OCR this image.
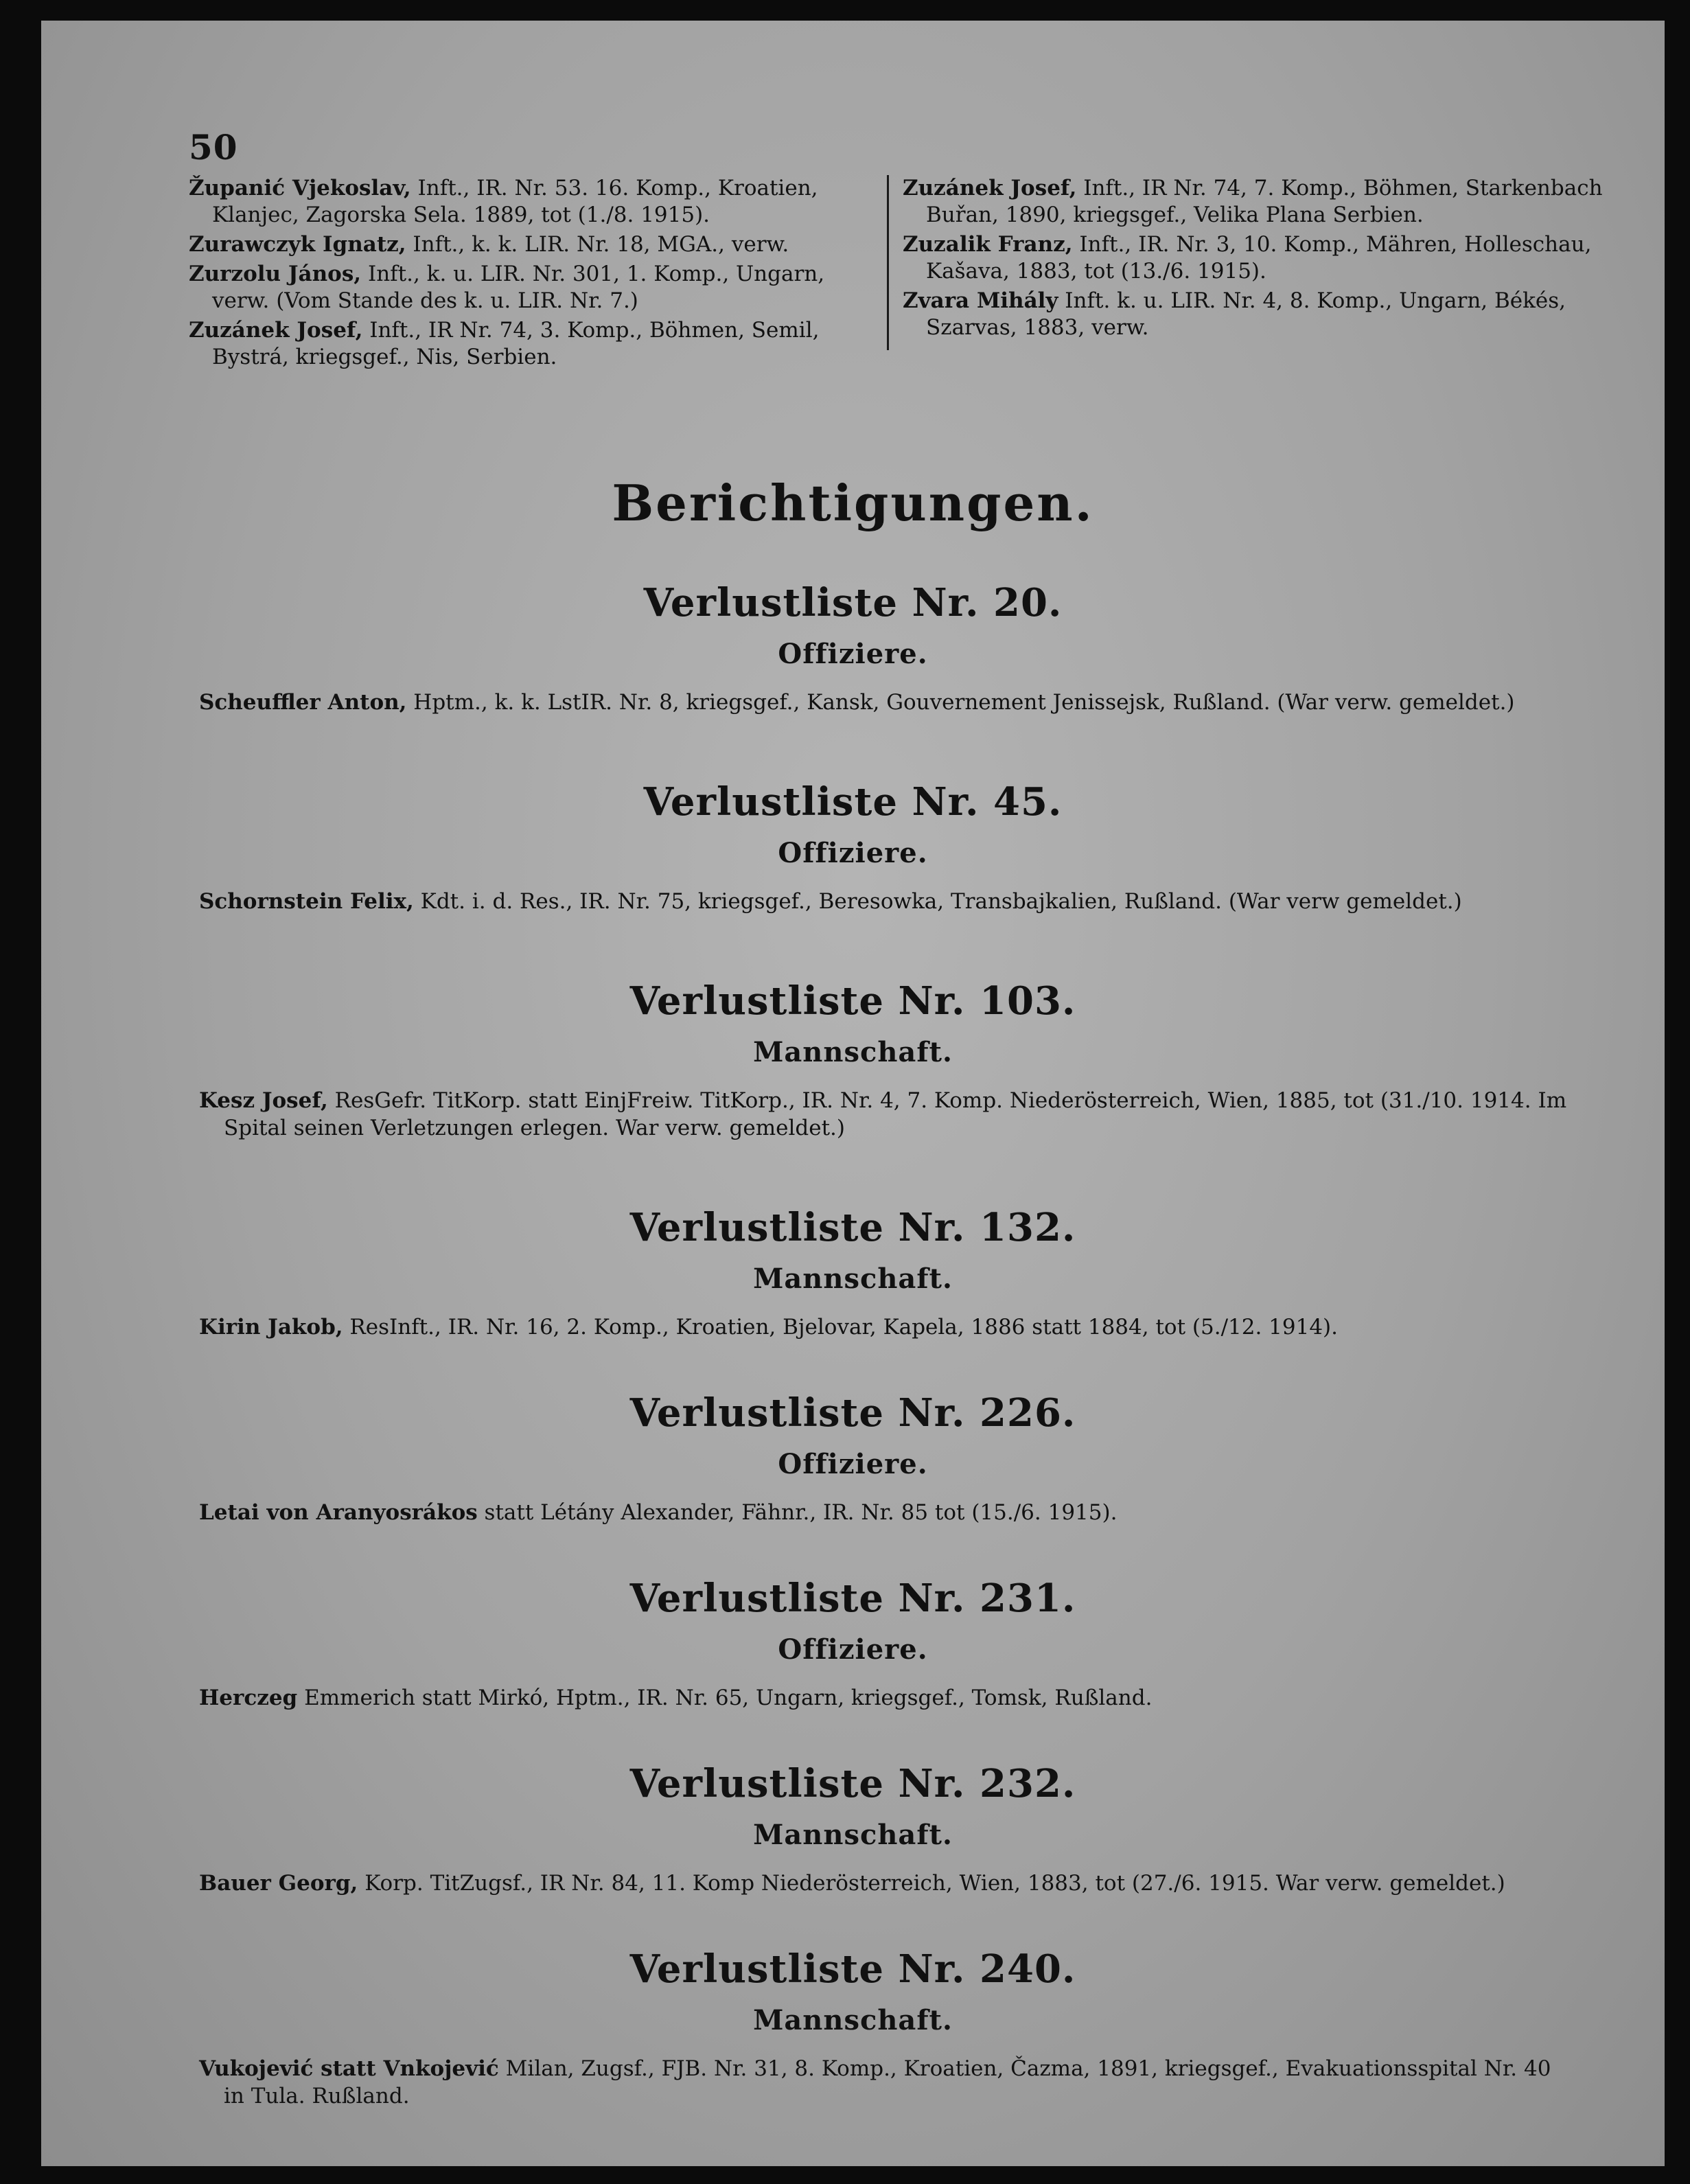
50

Županić Vjekoslav, Inft., IR. Nr. 53. 16. Komp., Kroatien, Klanjec, Zagorska Sela. 1889, tot (1./8. 1915).

Zurawczyk Ignatz, Inft., k. k. LIR. Nr. 18, MGA., verw.

Zurzolu János, Inft., k. u. LIR. Nr. 301, 1. Komp., Ungarn, verw. (Vom Stande des k. u. LIR. Nr. 7.)

Zuzánek Josef, Inft., IR Nr. 74, 3. Komp., Böhmen, Semil, Bystrá, kriegsgef., Nis, Serbien.

Zuzánek Josef, Inft., IR Nr. 74, 7. Komp., Böhmen, Starkenbach Buřan, 1890, kriegsgef., Velika Plana Serbien.

Zuzalik Franz, Inft., IR. Nr. 3, 10. Komp., Mähren, Holleschau, Kašava, 1883, tot (13./6. 1915).

Zvara Mihály Inft. k. u. LIR. Nr. 4, 8. Komp., Ungarn, Békés, Szarvas, 1883, verw.

Berichtigungen.
Verlustliste Nr. 20.
Offiziere.
Scheuffler Anton, Hptm., k. k. LstIR. Nr. 8, kriegsgef., Kansk, Gouvernement Jenissejsk, Rußland. (War verw. gemeldet.)
Verlustliste Nr. 45.
Offiziere.
Schornstein Felix, Kdt. i. d. Res., IR. Nr. 75, kriegsgef., Beresowka, Transbajkalien, Rußland. (War verw gemeldet.)
Verlustliste Nr. 103.
Mannschaft.
Kesz Josef, ResGefr. TitKorp. statt EinjFreiw. TitKorp., IR. Nr. 4, 7. Komp. Niederösterreich, Wien, 1885, tot (31./10. 1914. Im Spital seinen Verletzungen erlegen. War verw. gemeldet.)
Verlustliste Nr. 132.
Mannschaft.
Kirin Jakob, ResInft., IR. Nr. 16, 2. Komp., Kroatien, Bjelovar, Kapela, 1886 statt 1884, tot (5./12. 1914).
Verlustliste Nr. 226.
Offiziere.
Letai von Aranyosrákos statt Létány Alexander, Fähnr., IR. Nr. 85 tot (15./6. 1915).
Verlustliste Nr. 231.
Offiziere.
Herczeg Emmerich statt Mirkó, Hptm., IR. Nr. 65, Ungarn, kriegsgef., Tomsk, Rußland.
Verlustliste Nr. 232.
Mannschaft.
Bauer Georg, Korp. TitZugsf., IR Nr. 84, 11. Komp Niederösterreich, Wien, 1883, tot (27./6. 1915. War verw. gemeldet.)
Verlustliste Nr. 240.
Mannschaft.
Vukojević statt Vnkojević Milan, Zugsf., FJB. Nr. 31, 8. Komp., Kroatien, Čazma, 1891, kriegsgef., Evakuationsspital Nr. 40 in Tula. Rußland.
